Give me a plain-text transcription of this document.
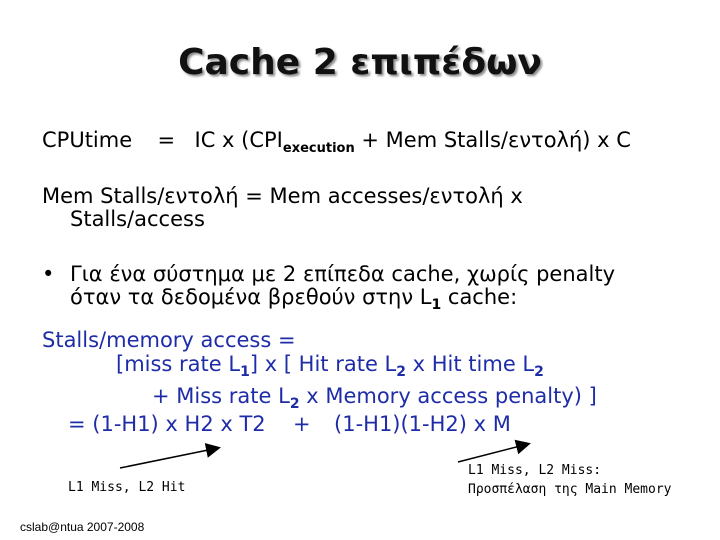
Cache 2 επιπέδων
CPUtime = IC x ($CPI_{execution}$ + Mem Stalls/εντολή) x C
Mem Stalls/εντολή = Mem accesses/εντολή x
Stalls/access
• Για ένα σύστημα με 2 επίπεδα cache, χωρίς penalty
όταν τα δεδομένα βρεθούν στην $L_1$ cache:
Stalls/memory access =
[miss rate $L_1$] x [ Hit rate $L_2$ x Hit time $L_2$
+ Miss rate $L_2$ x Memory access penalty) ]
= (1-H1) x H2 x T2 + (1-H1)(1-H2) x M
L1 Miss, L2 Hit
L1 Miss, L2 Miss:
Προσπέλαση της Main Memory
cslab@ntua 2007-2008
